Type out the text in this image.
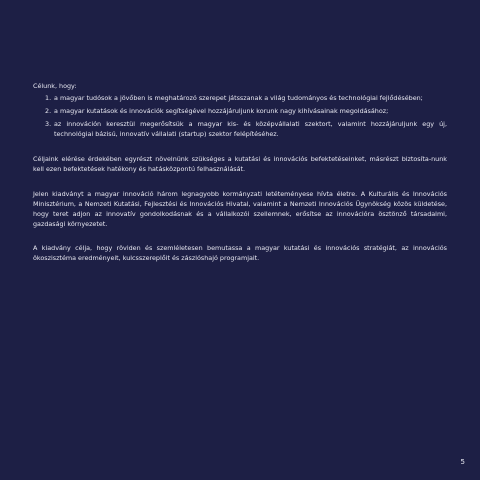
Célunk, hogy:
1. a magyar tudósok a jövőben is meghatározó szerepet játsszanak a világ tudományos és technológiai fejlődésében;
2. a magyar kutatások és innovációk segítségével hozzájáruljunk korunk nagy kihívásainak megoldásához;
3. az innováción keresztül megerősítsük a magyar kis- és középvállalati szektort, valamint hozzájáruljunk egy új, technológiai bázisú, innovatív vállalati (startup) szektor felépítéséhez.

Céljaink elérése érdekében egyrészt növelnünk szükséges a kutatási és innovációs befektetéseinket, másrészt biztosíta-nunk kell ezen befektetések hatékony és hatásközpontú felhasználását.

Jelen kiadványt a magyar innováció három legnagyobb kormányzati letéteményese hívta életre. A Kulturális és Innovációs Minisztérium, a Nemzeti Kutatási, Fejlesztési és Innovációs Hivatal, valamint a Nemzeti Innovációs Ügynökség közös küldetése, hogy teret adjon az innovatív gondolkodásnak és a vállalkozói szellemnek, erősítse az innovációra ösztönző társadalmi, gazdasági környezetet.

A kiadvány célja, hogy röviden és szemléletesen bemutassa a magyar kutatási és innovációs stratégiát, az innovációs ökoszisztéma eredményeit, kulcsszereplőit és zászlóshajó programjait.

5
